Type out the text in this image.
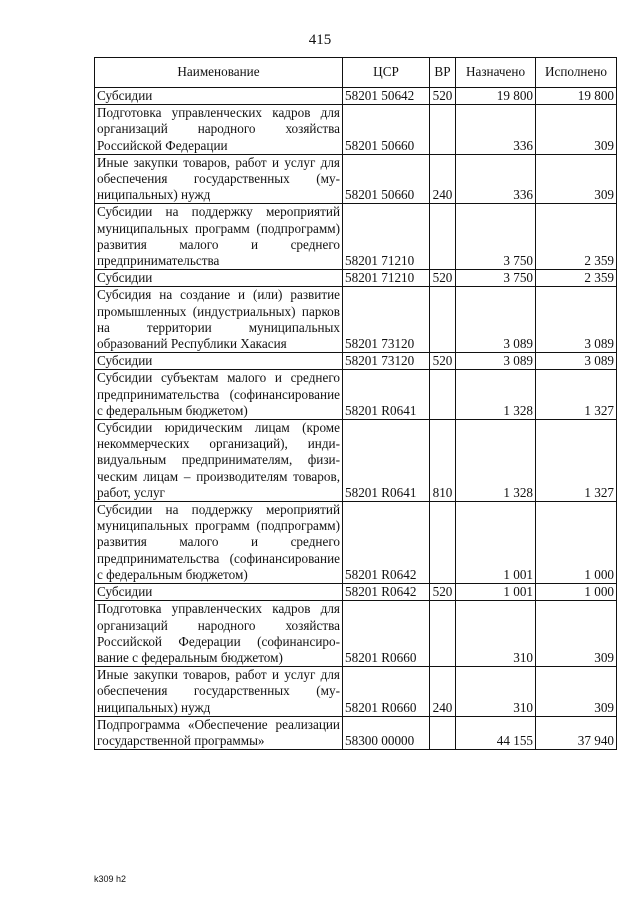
415
Наименование	ЦСР	ВР	Назначено	Исполнено
Субсидии	58201 50642	520	19 800	19 800
Подготовка управленческих кадров для организаций народного хозяйства Российской Федерации	58201 50660		336	309
Иные закупки товаров, работ и услуг для обеспечения государственных (муниципальных) нужд	58201 50660	240	336	309
Субсидии на поддержку мероприятий муниципальных программ (подпрограмм) развития малого и среднего предпринимательства	58201 71210		3 750	2 359
Субсидии	58201 71210	520	3 750	2 359
Субсидия на создание и (или) развитие промышленных (индустриальных) парков на территории муниципальных образований Республики Хакасия	58201 73120		3 089	3 089
Субсидии	58201 73120	520	3 089	3 089
Субсидии субъектам малого и среднего предпринимательства (софинансирование с федеральным бюджетом)	58201 R0641		1 328	1 327
Субсидии юридическим лицам (кроме некоммерческих организаций), индивидуальным предпринимателям, физическим лицам – производителям товаров, работ, услуг	58201 R0641	810	1 328	1 327
Субсидии на поддержку мероприятий муниципальных программ (подпрограмм) развития малого и среднего предпринимательства (софинансирование с федеральным бюджетом)	58201 R0642		1 001	1 000
Субсидии	58201 R0642	520	1 001	1 000
Подготовка управленческих кадров для организаций народного хозяйства Российской Федерации (софинансирование с федеральным бюджетом)	58201 R0660		310	309
Иные закупки товаров, работ и услуг для обеспечения государственных (муниципальных) нужд	58201 R0660	240	310	309
Подпрограмма «Обеспечение реализации государственной программы»	58300 00000		44 155	37 940
k309 h2
